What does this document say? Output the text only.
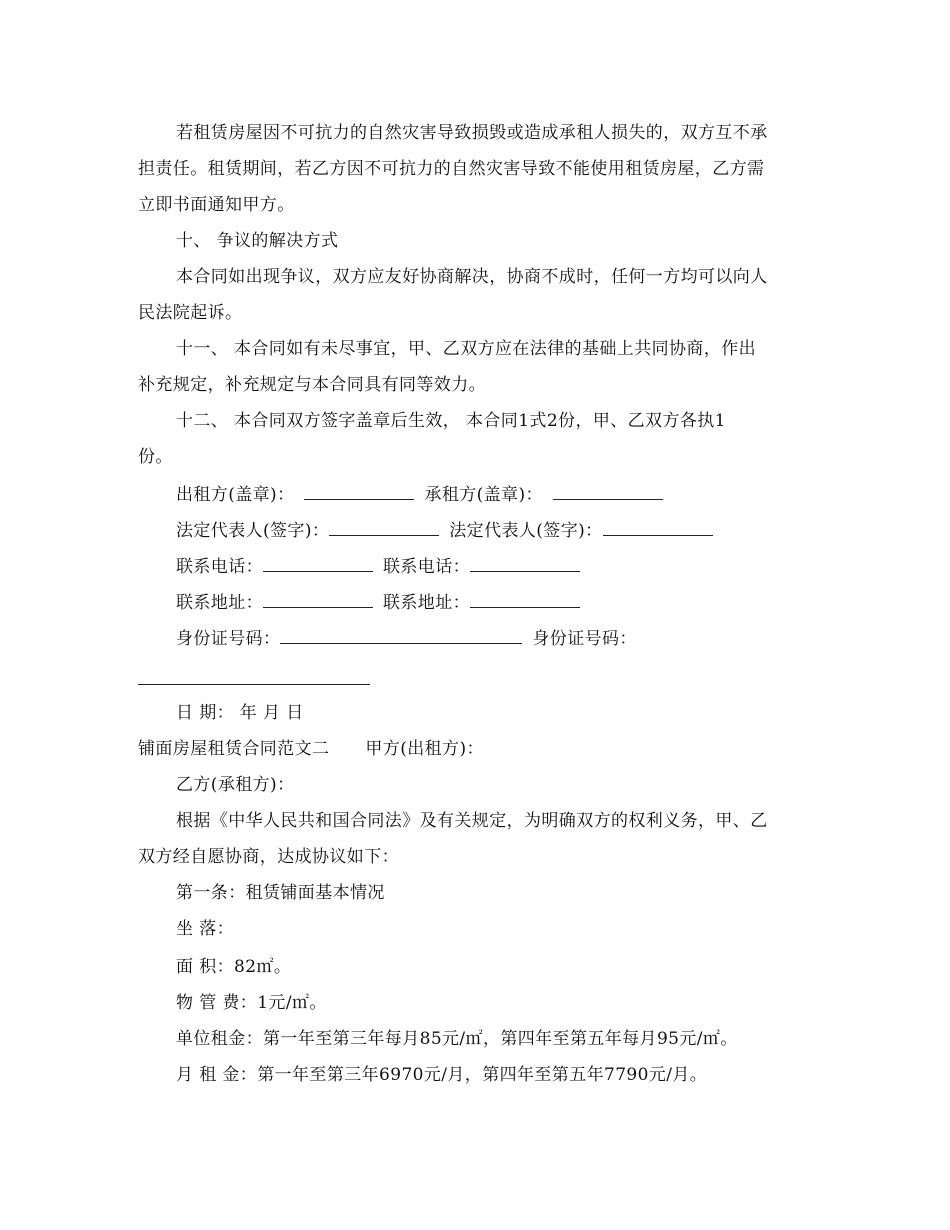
若租赁房屋因不可抗力的自然灾害导致损毁或造成承租人损失的，双方互不承
担责任。租赁期间，若乙方因不可抗力的自然灾害导致不能使用租赁房屋，乙方需
立即书面通知甲方。
十、 争议的解决方式
本合同如出现争议，双方应友好协商解决，协商不成时，任何一方均可以向人
民法院起诉。
十一、 本合同如有未尽事宜，甲、乙双方应在法律的基础上共同协商，作出
补充规定，补充规定与本合同具有同等效力。
十二、 本合同双方签字盖章后生效， 本合同1式2份，甲、乙双方各执1
份。
出租方(盖章)：	承租方(盖章)：
法定代表人(签字)：	法定代表人(签字)：
联系电话：	联系电话：
联系地址：	联系地址：
身份证号码：	身份证号码：
日 期： 年 月 日
铺面房屋租赁合同范文二 甲方(出租方)：
乙方(承租方)：
根据《中华人民共和国合同法》及有关规定，为明确双方的权利义务，甲、乙
双方经自愿协商，达成协议如下：
第一条：租赁铺面基本情况
坐 落：
面 积：82㎡。
物 管 费：1元/㎡。
单位租金：第一年至第三年每月85元/㎡，第四年至第五年每月95元/㎡。
月 租 金：第一年至第三年6970元/月，第四年至第五年7790元/月。
